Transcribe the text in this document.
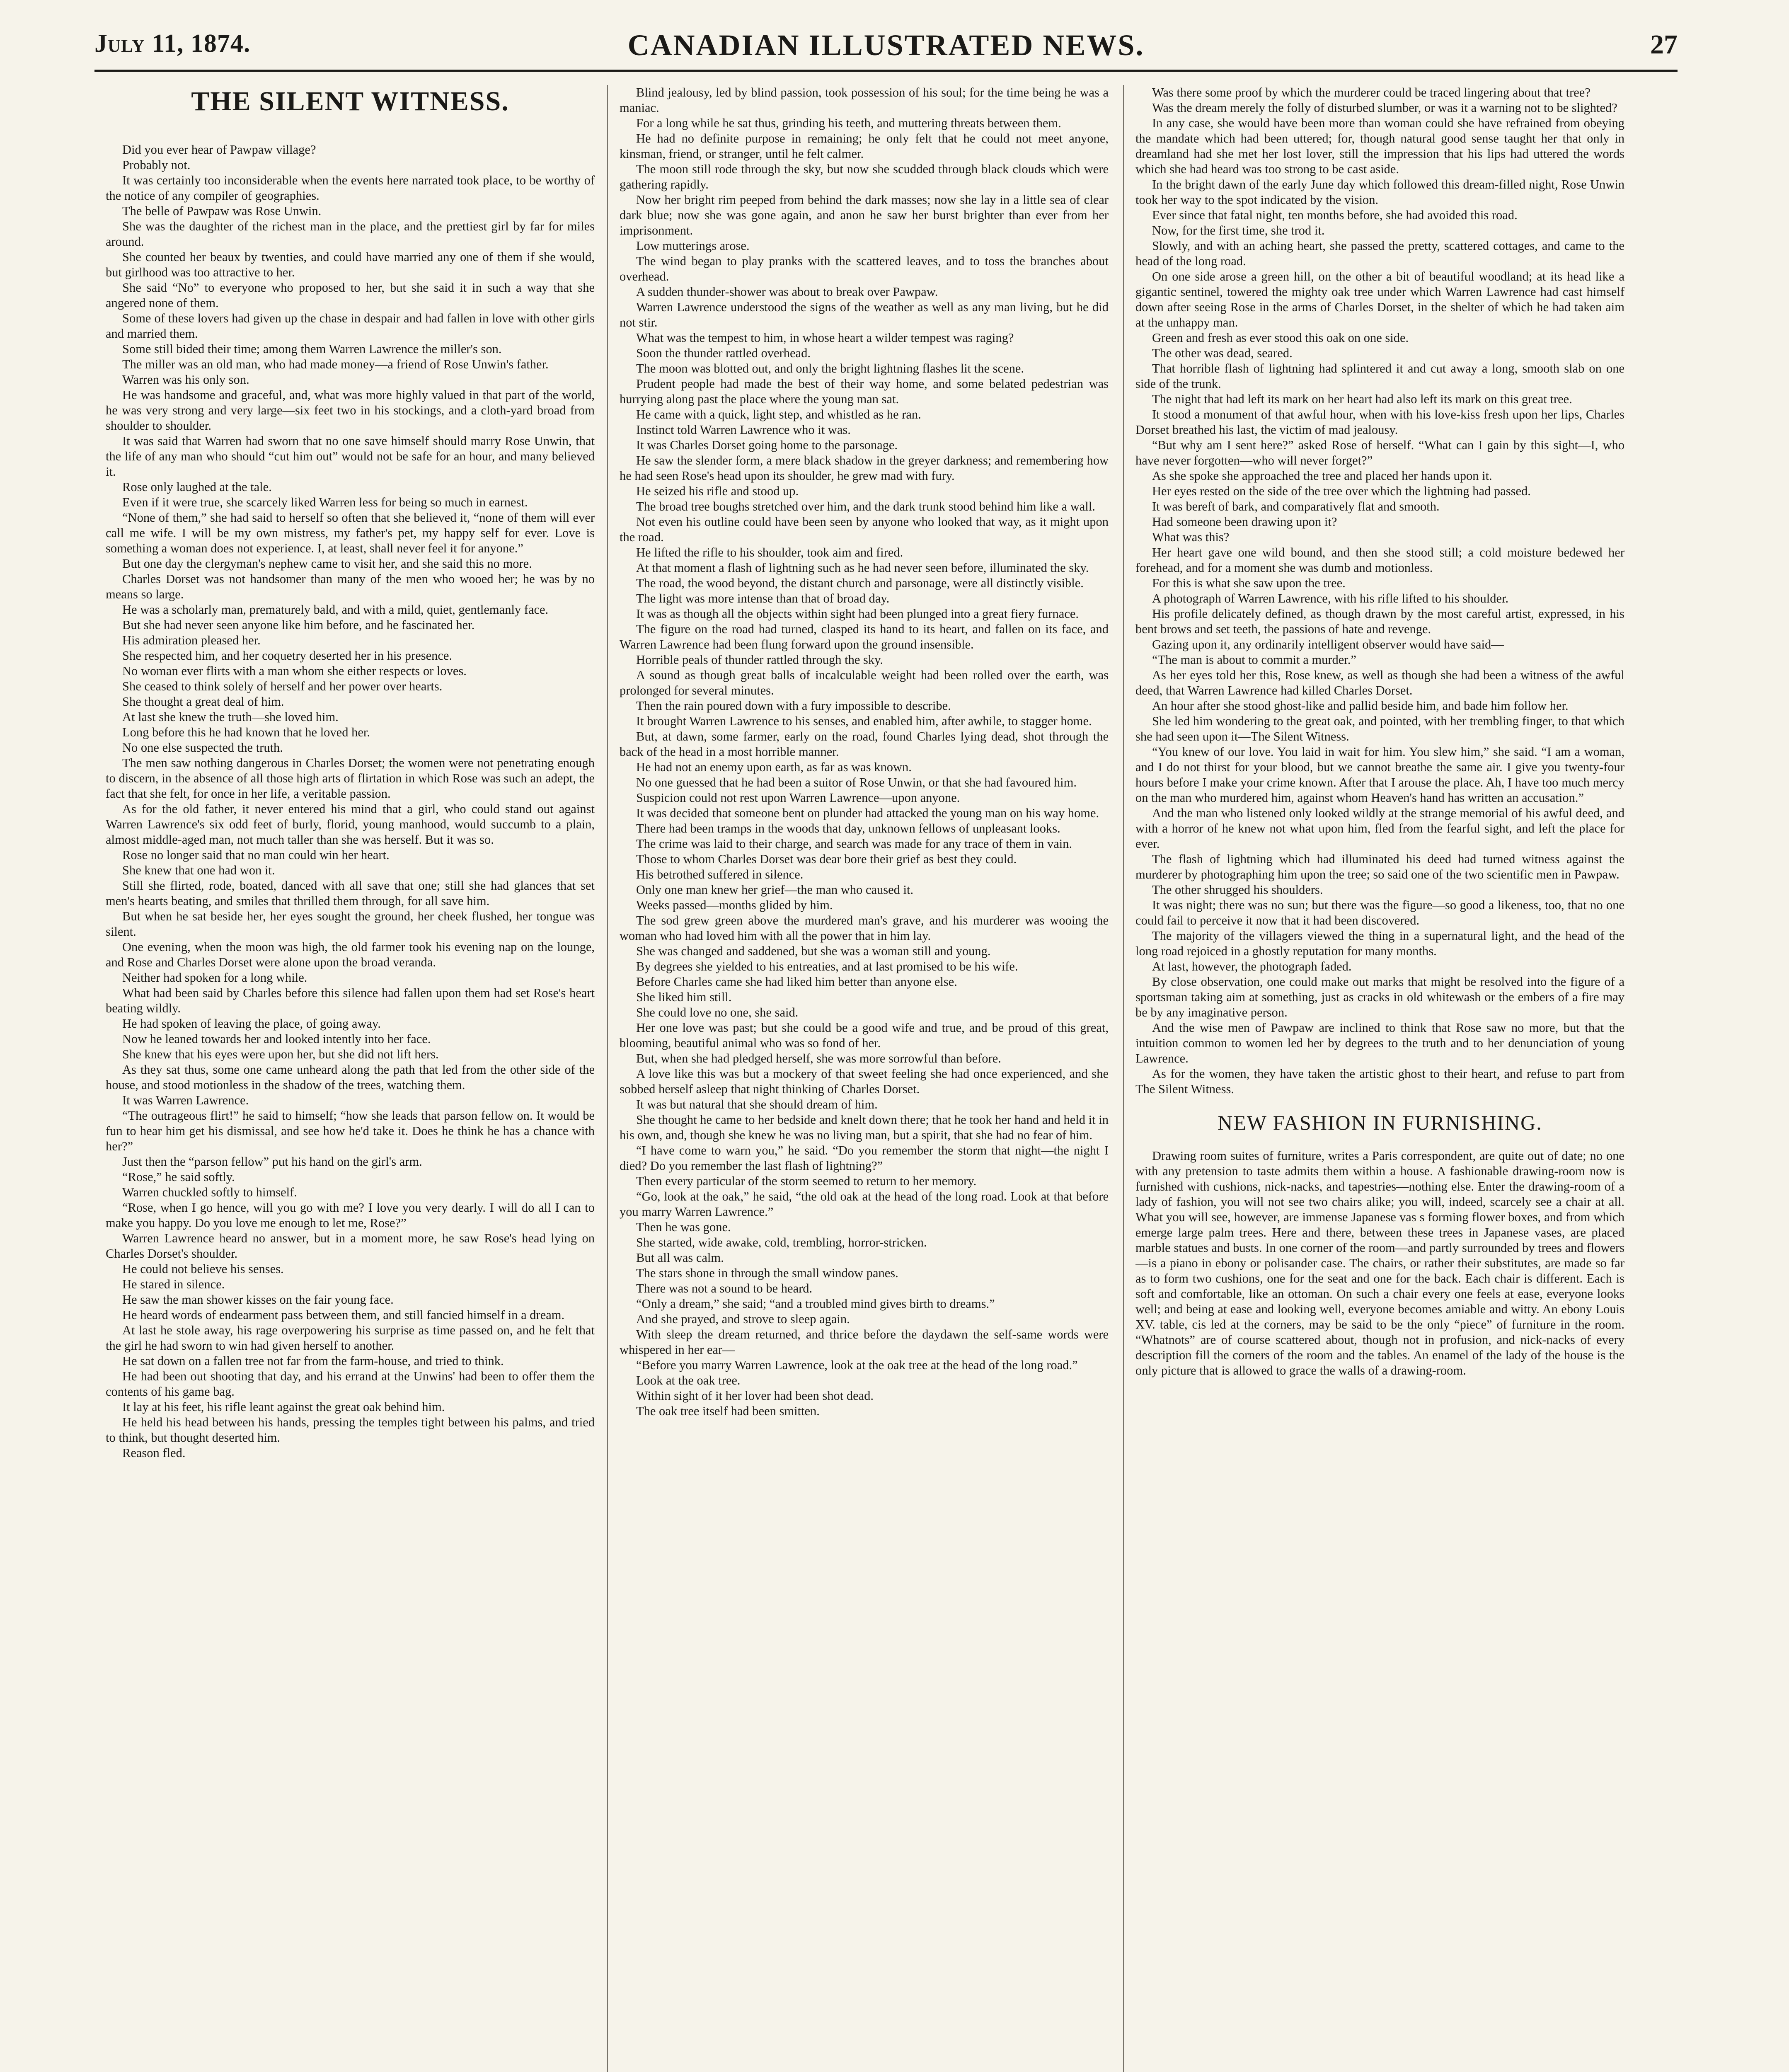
July 11, 1874.	CANADIAN ILLUSTRATED NEWS.	27
THE SILENT WITNESS.

Did you ever hear of Pawpaw village?

Probably not.

It was certainly too inconsiderable when the events here narrated took place, to be worthy of the notice of any compiler of geographies.

The belle of Pawpaw was Rose Unwin.

She was the daughter of the richest man in the place, and the prettiest girl by far for miles around.

She counted her beaux by twenties, and could have married any one of them if she would, but girlhood was too attractive to her.

She said “No” to everyone who proposed to her, but she said it in such a way that she angered none of them.

Some of these lovers had given up the chase in despair and had fallen in love with other girls and married them.

Some still bided their time; among them Warren Lawrence the miller's son.

The miller was an old man, who had made money—a friend of Rose Unwin's father.

Warren was his only son.

He was handsome and graceful, and, what was more highly valued in that part of the world, he was very strong and very large—six feet two in his stockings, and a cloth-yard broad from shoulder to shoulder.

It was said that Warren had sworn that no one save himself should marry Rose Unwin, that the life of any man who should “cut him out” would not be safe for an hour, and many believed it.

Rose only laughed at the tale.

Even if it were true, she scarcely liked Warren less for being so much in earnest.

“None of them,” she had said to herself so often that she believed it, “none of them will ever call me wife. I will be my own mistress, my father's pet, my happy self for ever. Love is something a woman does not experience. I, at least, shall never feel it for anyone.”

But one day the clergyman's nephew came to visit her, and she said this no more.

Charles Dorset was not handsomer than many of the men who wooed her; he was by no means so large.

He was a scholarly man, prematurely bald, and with a mild, quiet, gentlemanly face.

But she had never seen anyone like him before, and he fascinated her.

His admiration pleased her.

She respected him, and her coquetry deserted her in his presence.

No woman ever flirts with a man whom she either respects or loves.

She ceased to think solely of herself and her power over hearts.

She thought a great deal of him.

At last she knew the truth—she loved him.

Long before this he had known that he loved her.

No one else suspected the truth.

The men saw nothing dangerous in Charles Dorset; the women were not penetrating enough to discern, in the absence of all those high arts of flirtation in which Rose was such an adept, the fact that she felt, for once in her life, a veritable passion.

As for the old father, it never entered his mind that a girl, who could stand out against Warren Lawrence's six odd feet of burly, florid, young manhood, would succumb to a plain, almost middle-aged man, not much taller than she was herself. But it was so.

Rose no longer said that no man could win her heart.

She knew that one had won it.

Still she flirted, rode, boated, danced with all save that one; still she had glances that set men's hearts beating, and smiles that thrilled them through, for all save him.

But when he sat beside her, her eyes sought the ground, her cheek flushed, her tongue was silent.

One evening, when the moon was high, the old farmer took his evening nap on the lounge, and Rose and Charles Dorset were alone upon the broad veranda.

Neither had spoken for a long while.

What had been said by Charles before this silence had fallen upon them had set Rose's heart beating wildly.

He had spoken of leaving the place, of going away.

Now he leaned towards her and looked intently into her face.

She knew that his eyes were upon her, but she did not lift hers.

As they sat thus, some one came unheard along the path that led from the other side of the house, and stood motionless in the shadow of the trees, watching them.

It was Warren Lawrence.

“The outrageous flirt!” he said to himself; “how she leads that parson fellow on. It would be fun to hear him get his dismissal, and see how he'd take it. Does he think he has a chance with her?”

Just then the “parson fellow” put his hand on the girl's arm.

“Rose,” he said softly.

Warren chuckled softly to himself.

“Rose, when I go hence, will you go with me? I love you very dearly. I will do all I can to make you happy. Do you love me enough to let me, Rose?”

Warren Lawrence heard no answer, but in a moment more, he saw Rose's head lying on Charles Dorset's shoulder.

He could not believe his senses.

He stared in silence.

He saw the man shower kisses on the fair young face.

He heard words of endearment pass between them, and still fancied himself in a dream.

At last he stole away, his rage overpowering his surprise as time passed on, and he felt that the girl he had sworn to win had given herself to another.

He sat down on a fallen tree not far from the farm-house, and tried to think.

He had been out shooting that day, and his errand at the Unwins' had been to offer them the contents of his game bag.

It lay at his feet, his rifle leant against the great oak behind him.

He held his head between his hands, pressing the temples tight between his palms, and tried to think, but thought deserted him.

Reason fled.

Blind jealousy, led by blind passion, took possession of his soul; for the time being he was a maniac.

For a long while he sat thus, grinding his teeth, and muttering threats between them.

He had no definite purpose in remaining; he only felt that he could not meet anyone, kinsman, friend, or stranger, until he felt calmer.

The moon still rode through the sky, but now she scudded through black clouds which were gathering rapidly.

Now her bright rim peeped from behind the dark masses; now she lay in a little sea of clear dark blue; now she was gone again, and anon he saw her burst brighter than ever from her imprisonment.

Low mutterings arose.

The wind began to play pranks with the scattered leaves, and to toss the branches about overhead.

A sudden thunder-shower was about to break over Pawpaw.

Warren Lawrence understood the signs of the weather as well as any man living, but he did not stir.

What was the tempest to him, in whose heart a wilder tempest was raging?

Soon the thunder rattled overhead.

The moon was blotted out, and only the bright lightning flashes lit the scene.

Prudent people had made the best of their way home, and some belated pedestrian was hurrying along past the place where the young man sat.

He came with a quick, light step, and whistled as he ran.

Instinct told Warren Lawrence who it was.

It was Charles Dorset going home to the parsonage.

He saw the slender form, a mere black shadow in the greyer darkness; and remembering how he had seen Rose's head upon its shoulder, he grew mad with fury.

He seized his rifle and stood up.

The broad tree boughs stretched over him, and the dark trunk stood behind him like a wall.

Not even his outline could have been seen by anyone who looked that way, as it might upon the road.

He lifted the rifle to his shoulder, took aim and fired.

At that moment a flash of lightning such as he had never seen before, illuminated the sky.

The road, the wood beyond, the distant church and parsonage, were all distinctly visible.

The light was more intense than that of broad day.

It was as though all the objects within sight had been plunged into a great fiery furnace.

The figure on the road had turned, clasped its hand to its heart, and fallen on its face, and Warren Lawrence had been flung forward upon the ground insensible.

Horrible peals of thunder rattled through the sky.

A sound as though great balls of incalculable weight had been rolled over the earth, was prolonged for several minutes.

Then the rain poured down with a fury impossible to describe.

It brought Warren Lawrence to his senses, and enabled him, after awhile, to stagger home.

But, at dawn, some farmer, early on the road, found Charles lying dead, shot through the back of the head in a most horrible manner.

He had not an enemy upon earth, as far as was known.

No one guessed that he had been a suitor of Rose Unwin, or that she had favoured him.

Suspicion could not rest upon Warren Lawrence—upon anyone.

It was decided that someone bent on plunder had attacked the young man on his way home.

There had been tramps in the woods that day, unknown fellows of unpleasant looks.

The crime was laid to their charge, and search was made for any trace of them in vain.

Those to whom Charles Dorset was dear bore their grief as best they could.

His betrothed suffered in silence.

Only one man knew her grief—the man who caused it.

Weeks passed—months glided by him.

The sod grew green above the murdered man's grave, and his murderer was wooing the woman who had loved him with all the power that in him lay.

She was changed and saddened, but she was a woman still and young.

By degrees she yielded to his entreaties, and at last promised to be his wife.

Before Charles came she had liked him better than anyone else.

She liked him still.

She could love no one, she said.

Her one love was past; but she could be a good wife and true, and be proud of this great, blooming, beautiful animal who was so fond of her.

But, when she had pledged herself, she was more sorrowful than before.

A love like this was but a mockery of that sweet feeling she had once experienced, and she sobbed herself asleep that night thinking of Charles Dorset.

It was but natural that she should dream of him.

She thought he came to her bedside and knelt down there; that he took her hand and held it in his own, and, though she knew he was no living man, but a spirit, that she had no fear of him.

“I have come to warn you,” he said. “Do you remember the storm that night—the night I died? Do you remember the last flash of lightning?”

Then every particular of the storm seemed to return to her memory.

“Go, look at the oak,” he said, “the old oak at the head of the long road. Look at that before you marry Warren Lawrence.”

Then he was gone.

She started, wide awake, cold, trembling, horror-stricken.

But all was calm.

The stars shone in through the small window panes.

There was not a sound to be heard.

“Only a dream,” she said; “and a troubled mind gives birth to dreams.”

And she prayed, and strove to sleep again.

With sleep the dream returned, and thrice before the daydawn the self-same words were whispered in her ear—

“Before you marry Warren Lawrence, look at the oak tree at the head of the long road.”

Look at the oak tree.

Within sight of it her lover had been shot dead.

The oak tree itself had been smitten.

Was there some proof by which the murderer could be traced lingering about that tree?

Was the dream merely the folly of disturbed slumber, or was it a warning not to be slighted?

In any case, she would have been more than woman could she have refrained from obeying the mandate which had been uttered; for, though natural good sense taught her that only in dreamland had she met her lost lover, still the impression that his lips had uttered the words which she had heard was too strong to be cast aside.

In the bright dawn of the early June day which followed this dream-filled night, Rose Unwin took her way to the spot indicated by the vision.

Ever since that fatal night, ten months before, she had avoided this road.

Now, for the first time, she trod it.

Slowly, and with an aching heart, she passed the pretty, scattered cottages, and came to the head of the long road.

On one side arose a green hill, on the other a bit of beautiful woodland; at its head like a gigantic sentinel, towered the mighty oak tree under which Warren Lawrence had cast himself down after seeing Rose in the arms of Charles Dorset, in the shelter of which he had taken aim at the unhappy man.

Green and fresh as ever stood this oak on one side.

The other was dead, seared.

That horrible flash of lightning had splintered it and cut away a long, smooth slab on one side of the trunk.

The night that had left its mark on her heart had also left its mark on this great tree.

It stood a monument of that awful hour, when with his love-kiss fresh upon her lips, Charles Dorset breathed his last, the victim of mad jealousy.

“But why am I sent here?” asked Rose of herself. “What can I gain by this sight—I, who have never forgotten—who will never forget?”

As she spoke she approached the tree and placed her hands upon it.

Her eyes rested on the side of the tree over which the lightning had passed.

It was bereft of bark, and comparatively flat and smooth.

Had someone been drawing upon it?

What was this?

Her heart gave one wild bound, and then she stood still; a cold moisture bedewed her forehead, and for a moment she was dumb and motionless.

For this is what she saw upon the tree.

A photograph of Warren Lawrence, with his rifle lifted to his shoulder.

His profile delicately defined, as though drawn by the most careful artist, expressed, in his bent brows and set teeth, the passions of hate and revenge.

Gazing upon it, any ordinarily intelligent observer would have said—

“The man is about to commit a murder.”

As her eyes told her this, Rose knew, as well as though she had been a witness of the awful deed, that Warren Lawrence had killed Charles Dorset.

An hour after she stood ghost-like and pallid beside him, and bade him follow her.

She led him wondering to the great oak, and pointed, with her trembling finger, to that which she had seen upon it—The Silent Witness.

“You knew of our love. You laid in wait for him. You slew him,” she said. “I am a woman, and I do not thirst for your blood, but we cannot breathe the same air. I give you twenty-four hours before I make your crime known. After that I arouse the place. Ah, I have too much mercy on the man who murdered him, against whom Heaven's hand has written an accusation.”

And the man who listened only looked wildly at the strange memorial of his awful deed, and with a horror of he knew not what upon him, fled from the fearful sight, and left the place for ever.

The flash of lightning which had illuminated his deed had turned witness against the murderer by photographing him upon the tree; so said one of the two scientific men in Pawpaw.

The other shrugged his shoulders.

It was night; there was no sun; but there was the figure—so good a likeness, too, that no one could fail to perceive it now that it had been discovered.

The majority of the villagers viewed the thing in a supernatural light, and the head of the long road rejoiced in a ghostly reputation for many months.

At last, however, the photograph faded.

By close observation, one could make out marks that might be resolved into the figure of a sportsman taking aim at something, just as cracks in old whitewash or the embers of a fire may be by any imaginative person.

And the wise men of Pawpaw are inclined to think that Rose saw no more, but that the intuition common to women led her by degrees to the truth and to her denunciation of young Lawrence.

As for the women, they have taken the artistic ghost to their heart, and refuse to part from The Silent Witness.

NEW FASHION IN FURNISHING.

Drawing room suites of furniture, writes a Paris correspondent, are quite out of date; no one with any pretension to taste admits them within a house. A fashionable drawing-room now is furnished with cushions, nick-nacks, and tapestries—nothing else. Enter the drawing-room of a lady of fashion, you will not see two chairs alike; you will, indeed, scarcely see a chair at all. What you will see, however, are immense Japanese vas s forming flower boxes, and from which emerge large palm trees. Here and there, between these trees in Japanese vases, are placed marble statues and busts. In one corner of the room—and partly surrounded by trees and flowers—is a piano in ebony or polisander case. The chairs, or rather their substitutes, are made so far as to form two cushions, one for the seat and one for the back. Each chair is different. Each is soft and comfortable, like an ottoman. On such a chair every one feels at ease, everyone looks well; and being at ease and looking well, everyone becomes amiable and witty. An ebony Louis XV. table, cis led at the corners, may be said to be the only “piece” of furniture in the room. “Whatnots” are of course scattered about, though not in profusion, and nick-nacks of every description fill the corners of the room and the tables. An enamel of the lady of the house is the only picture that is allowed to grace the walls of a drawing-room.
